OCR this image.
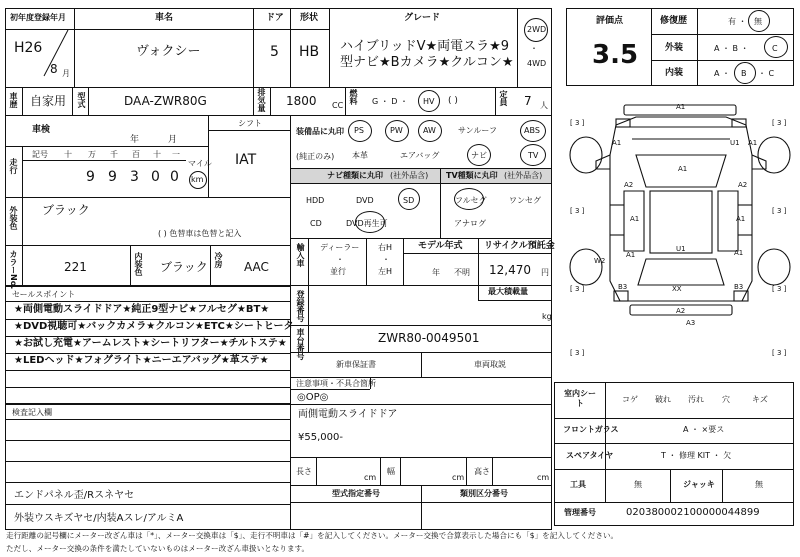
初年度登録年月
H26
8 月
車名
ヴォクシー
ドア
5
形状
HB
グレード
ハイブリッドV★両電スラ★9
型ナビ★Bカメラ★クルコン★
2WD
・
4WD
車歴 自家用 型式	DAA-ZWR80G	排気量 1800 CC
燃料 G ・ D ・ HV ( )	定員 7 人
車検
年	月
シフト
IAT
走行
記号 十 万 千 百 十 一
9 9 3 0 0
マイル
km
外装色 ブラック
( ) 色替車は色替と記入
カラーNo.	221	内装色 ブラック 冷房 AAC
装備品に丸印
(純正のみ)
PS	PW	AW	サンルーフ	ABS
本革	エアバッグ	ナビ	TV
ナビ種類に丸印 (社外品含) TV種類に丸印 (社外品含)
HDD	DVD	SD
CD	DVD再生可
フルセグ	ワンセグ
アナログ
輸入車 ディーラー
・
並行
右H
・
左H
モデル年式
年 不明
リサイクル預託金
12,470 円
セールスポイント
★両側電動スライドドア★純正9型ナビ★フルセグ★BT★
★DVD視聴可★バックカメラ★クルコン★ETC★シートヒータ
★お試し充電★アームレスト★シートリフター★チルトステ★
★LEDヘッド★フォグライト★ニーエアバッグ★革ステ★
登録番号	最大積載量
kg
車台番号	ZWR80-0049501
新車保証書	車両取説
注意事項・不具合箇所
◎OP◎
検査記入欄
エンドパネル歪/Rスネヤセ
外装ウスキズヤセ/内装Aスレ/アルミA
両側電動スライドドア
¥55,000-
長さ
cm
幅
cm
高さ
cm
型式指定番号	類別区分番号
評価点
3.5
修復歴	有 ・ 無
外装	A ・ B ・	C
内装	A ・ B ・ C
A1
A1	U1 A1
A2	A2
A1	A1
U1
A1
W2
A1
B3	XX	B3
A2
A1
A3
[ 3 ]	[ 3 ]
[ 3 ]	[ 3 ]
[ 3 ]	[ 3 ]
[ 3 ]	[ 3 ]
室内シート	コゲ 破れ 汚れ 穴	キズ
フロントガラス	A ・ ×要ス
スペアタイヤ	T ・ 修理 KIT ・ 欠
工具	無	ジャッキ	無
管理番号	020380002100000044899
走行距離の記号欄にメーター改ざん車は「*」、メーター交換車は「$」、走行不明車は「#」を記入してください。メーター交換で合算表示した場合にも「$」を記入してください。
ただし、メーター交換の条件を満たしていないものはメーター改ざん車扱いとなります。
